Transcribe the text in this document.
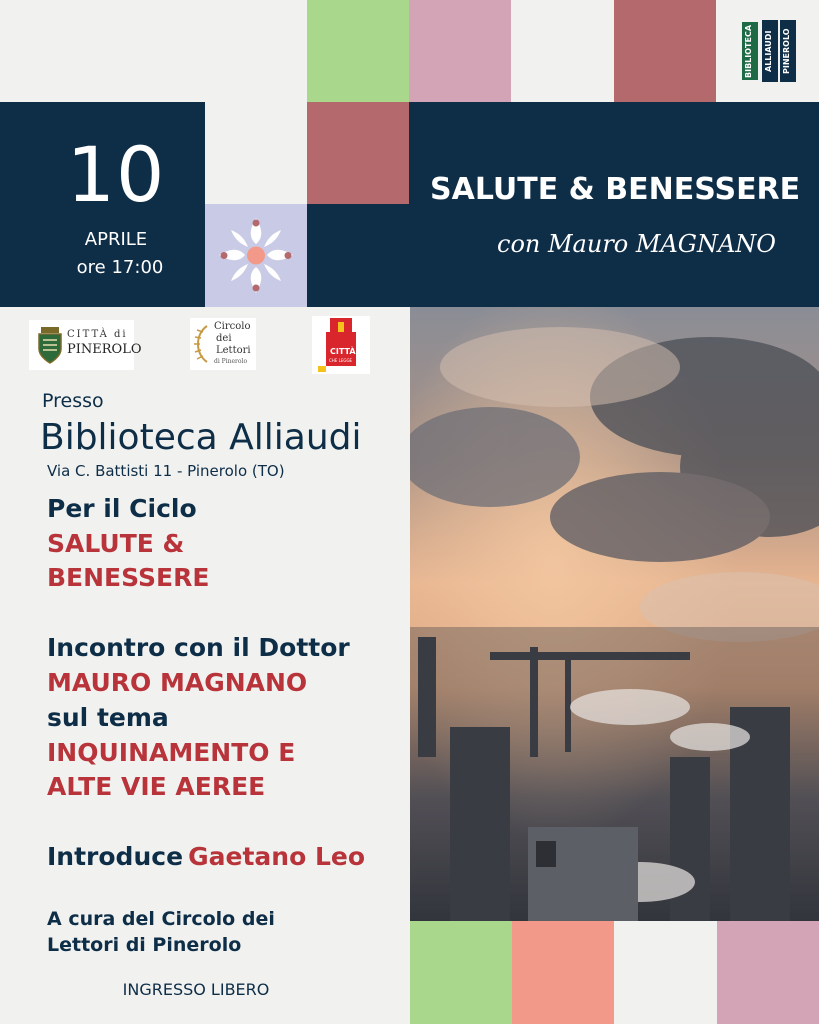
BIBLIOTECA	ALLIAUDI	PINEROLO
10
APRILE
ore 17:00
SALUTE & BENESSERE
con Mauro MAGNANO
CITTÀ di
PINEROLO
Circolo
dei
Lettori
di Pinerolo
CITTÀ
CHE LEGGE
Presso
Biblioteca Alliaudi
Via C. Battisti 11 - Pinerolo (TO)
Per il Ciclo
SALUTE &
BENESSERE
Incontro con il Dottor
MAURO MAGNANO
sul tema
INQUINAMENTO E
ALTE VIE AEREE
Introduce Gaetano Leo
A cura del Circolo dei
Lettori di Pinerolo
INGRESSO LIBERO
